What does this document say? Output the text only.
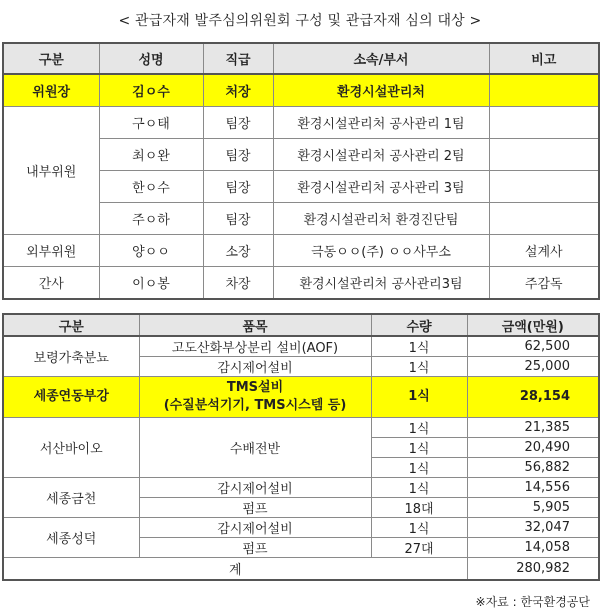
< 관급자재 발주심의위원회 구성 및 관급자재 심의 대상 >
구분	성명	직급	소속/부서	비고
위원장	김ㅇ수	처장	환경시설관리처	
내부위원	구ㅇ태	팀장	환경시설관리처 공사관리 1팀	
	최ㅇ완	팀장	환경시설관리처 공사관리 2팀	
	한ㅇ수	팀장	환경시설관리처 공사관리 3팀	
	주ㅇ하	팀장	환경시설관리처 환경진단팀	
외부위원	양ㅇㅇ	소장	극동ㅇㅇ(주) ㅇㅇ사무소	설계사
간사	이ㅇ봉	차장	환경시설관리처 공사관리3팀	주감독
구분	품목	수량	금액(만원)
보령가축분뇨	고도산화부상분리 설비(AOF)	1식	62,500
	감시제어설비	1식	25,000
세종연동부강	TMS설비
(수질분석기기, TMS시스템 등)	1식	28,154
서산바이오	수배전반	1식	21,385
		1식	20,490
		1식	56,882
세종금천	감시제어설비	1식	14,556
	펌프	18대	5,905
세종성덕	감시제어설비	1식	32,047
	펌프	27대	14,058
계			280,982
※자료 : 한국환경공단
